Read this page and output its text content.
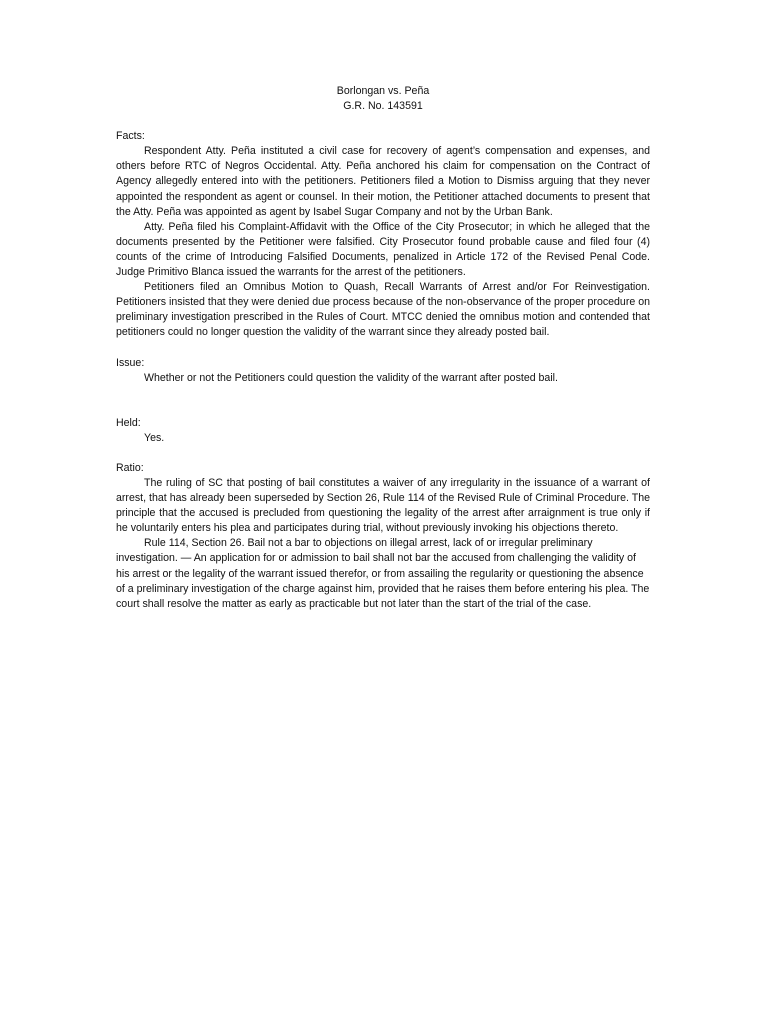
Borlongan vs. Peña
G.R. No. 143591

Facts:

Respondent Atty. Peña instituted a civil case for recovery of agent’s compensation and expenses, and others before RTC of Negros Occidental. Atty. Peña anchored his claim for compensation on the Contract of Agency allegedly entered into with the petitioners. Petitioners filed a Motion to Dismiss arguing that they never appointed the respondent as agent or counsel. In their motion, the Petitioner attached documents to present that the Atty. Peña was appointed as agent by Isabel Sugar Company and not by the Urban Bank.

Atty. Peña filed his Complaint-Affidavit with the Office of the City Prosecutor; in which he alleged that the documents presented by the Petitioner were falsified. City Prosecutor found probable cause and filed four (4) counts of the crime of Introducing Falsified Documents, penalized in Article 172 of the Revised Penal Code. Judge Primitivo Blanca issued the warrants for the arrest of the petitioners.

Petitioners filed an Omnibus Motion to Quash, Recall Warrants of Arrest and/or For Reinvestigation. Petitioners insisted that they were denied due process because of the non-observance of the proper procedure on preliminary investigation prescribed in the Rules of Court. MTCC denied the omnibus motion and contended that petitioners could no longer question the validity of the warrant since they already posted bail.

Issue:

Whether or not the Petitioners could question the validity of the warrant after posted bail.

Held:

Yes.

Ratio:

The ruling of SC that posting of bail constitutes a waiver of any irregularity in the issuance of a warrant of arrest, that has already been superseded by Section 26, Rule 114 of the Revised Rule of Criminal Procedure. The principle that the accused is precluded from questioning the legality of the arrest after arraignment is true only if he voluntarily enters his plea and participates during trial, without previously invoking his objections thereto.

Rule 114, Section 26. Bail not a bar to objections on illegal arrest, lack of or irregular preliminary investigation. — An application for or admission to bail shall not bar the accused from challenging the validity of his arrest or the legality of the warrant issued therefor, or from assailing the regularity or questioning the absence of a preliminary investigation of the charge against him, provided that he raises them before entering his plea. The court shall resolve the matter as early as practicable but not later than the start of the trial of the case.
